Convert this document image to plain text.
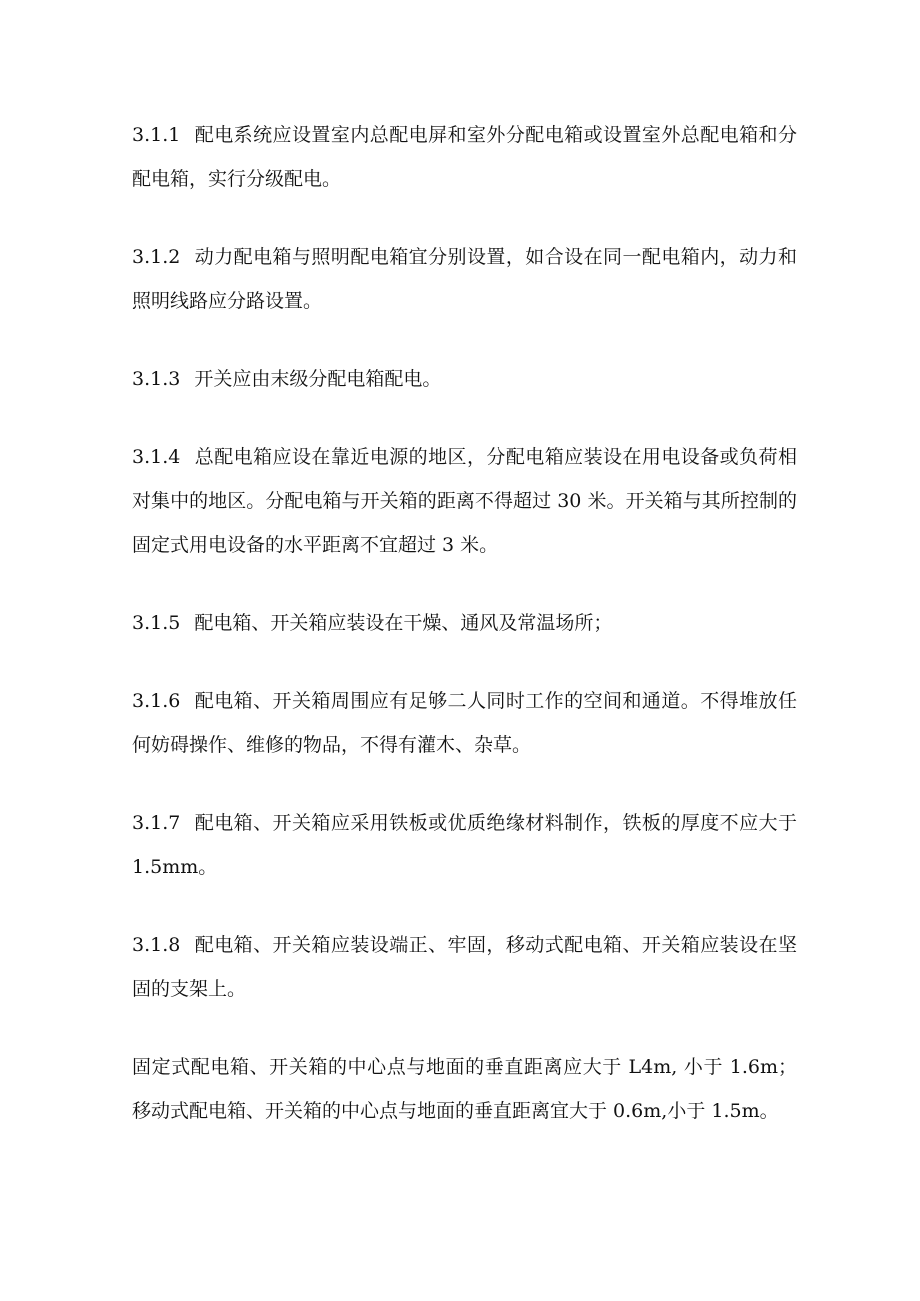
3.1.1 配电系统应设置室内总配电屏和室外分配电箱或设置室外总配电箱和分配电箱，实行分级配电。

3.1.2 动力配电箱与照明配电箱宜分别设置，如合设在同一配电箱内，动力和照明线路应分路设置。

3.1.3 开关应由末级分配电箱配电。

3.1.4 总配电箱应设在靠近电源的地区，分配电箱应装设在用电设备或负荷相对集中的地区。分配电箱与开关箱的距离不得超过 30 米。开关箱与其所控制的固定式用电设备的水平距离不宜超过 3 米。

3.1.5 配电箱、开关箱应装设在干燥、通风及常温场所；

3.1.6 配电箱、开关箱周围应有足够二人同时工作的空间和通道。不得堆放任何妨碍操作、维修的物品，不得有灌木、杂草。

3.1.7 配电箱、开关箱应采用铁板或优质绝缘材料制作，铁板的厚度不应大于 1.5mm。

3.1.8 配电箱、开关箱应装设端正、牢固，移动式配电箱、开关箱应装设在坚固的支架上。

固定式配电箱、开关箱的中心点与地面的垂直距离应大于 L4m, 小于 1.6m；移动式配电箱、开关箱的中心点与地面的垂直距离宜大于 0.6m,小于 1.5m。
